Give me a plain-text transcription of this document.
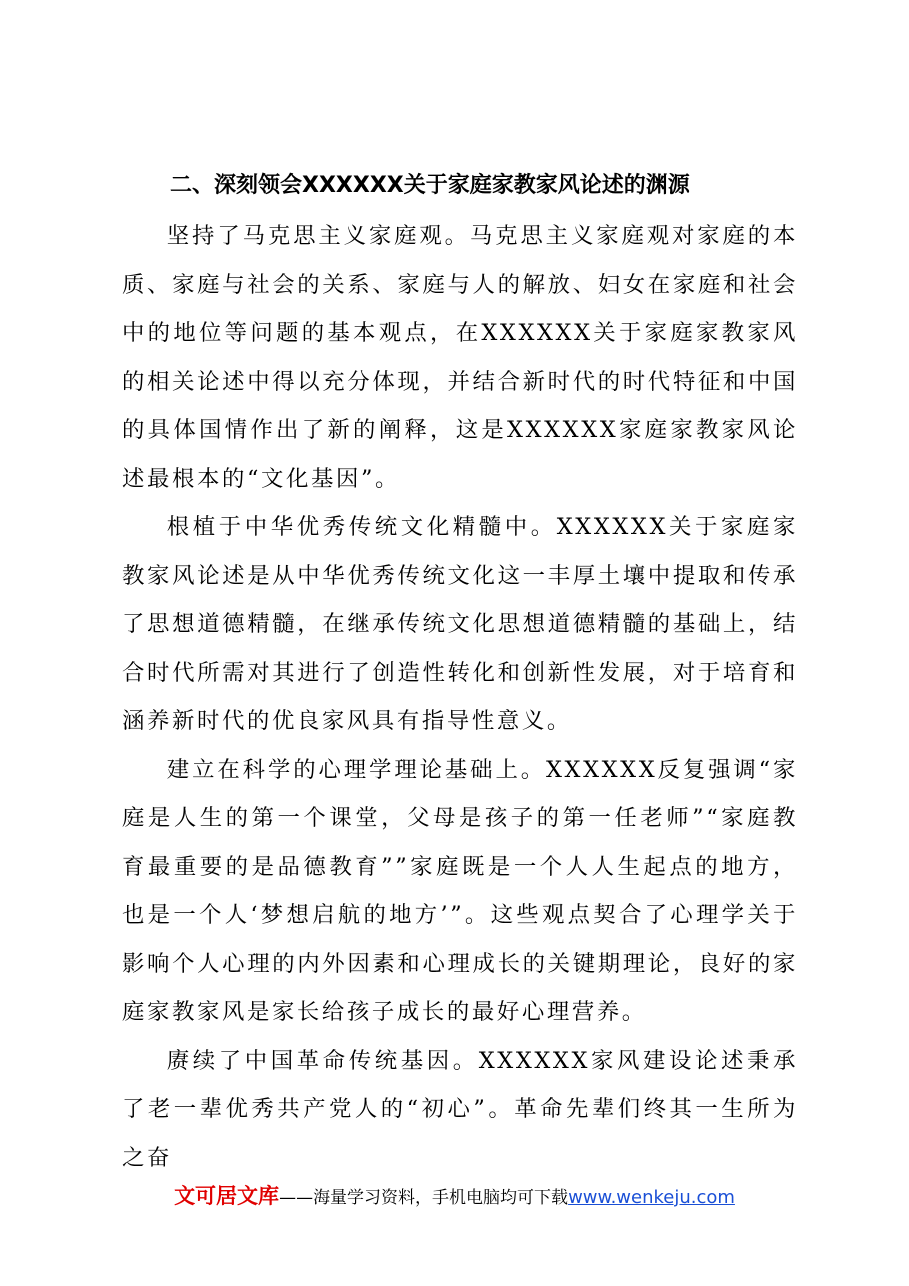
二、深刻领会XXXXXX关于家庭家教家风论述的渊源

坚持了马克思主义家庭观。马克思主义家庭观对家庭的本质、家庭与社会的关系、家庭与人的解放、妇女在家庭和社会中的地位等问题的基本观点，在XXXXXX关于家庭家教家风的相关论述中得以充分体现，并结合新时代的时代特征和中国的具体国情作出了新的阐释，这是XXXXXX家庭家教家风论述最根本的“文化基因”。

根植于中华优秀传统文化精髓中。XXXXXX关于家庭家教家风论述是从中华优秀传统文化这一丰厚土壤中提取和传承了思想道德精髓，在继承传统文化思想道德精髓的基础上，结合时代所需对其进行了创造性转化和创新性发展，对于培育和涵养新时代的优良家风具有指导性意义。

建立在科学的心理学理论基础上。XXXXXX反复强调“家庭是人生的第一个课堂，父母是孩子的第一任老师”“家庭教育最重要的是品德教育””家庭既是一个人人生起点的地方，也是一个人‘梦想启航的地方’”。这些观点契合了心理学关于影响个人心理的内外因素和心理成长的关键期理论，良好的家庭家教家风是家长给孩子成长的最好心理营养。

赓续了中国革命传统基因。XXXXXX家风建设论述秉承了老一辈优秀共产党人的“初心”。革命先辈们终其一生所为之奋

文可居文库——海量学习资料，手机电脑均可下载www.wenkeju.com
